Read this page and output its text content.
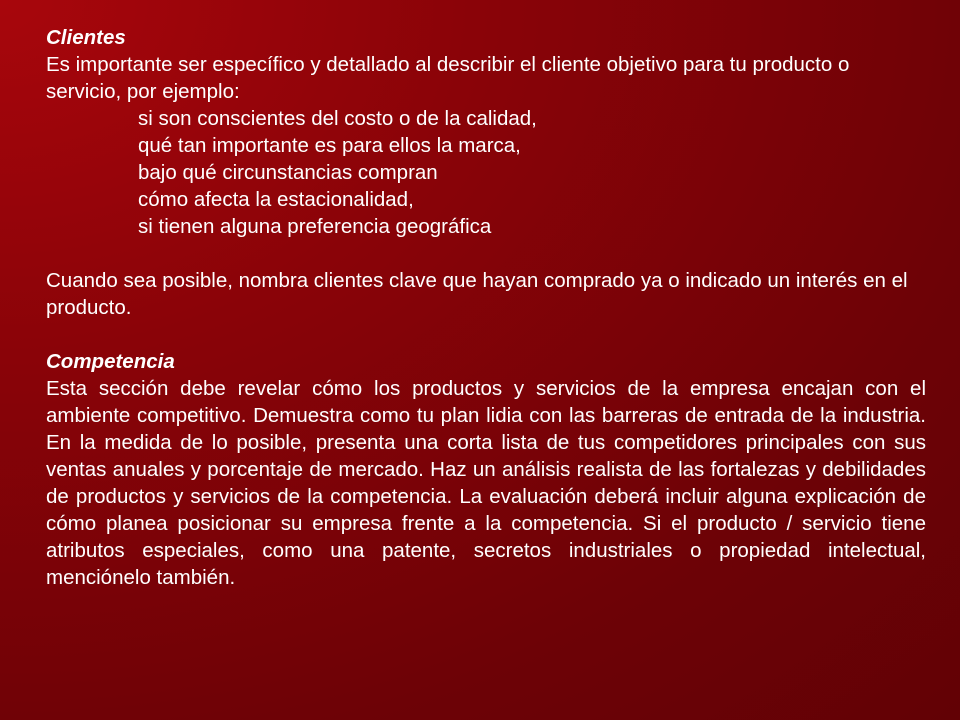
Clientes

Es importante ser específico y detallado al describir el cliente objetivo para tu producto o servicio, por ejemplo:

si son conscientes del costo o de la calidad,

qué tan importante es para ellos la marca,

bajo qué circunstancias compran

cómo afecta la estacionalidad,

si tienen alguna preferencia geográfica

Cuando sea posible, nombra clientes clave que hayan comprado ya o indicado un interés en el producto.

Competencia

Esta sección debe revelar cómo los productos y servicios de la empresa encajan con el ambiente competitivo. Demuestra como tu plan lidia con las barreras de entrada de la industria. En la medida de lo posible, presenta una corta lista de tus competidores principales con sus ventas anuales y porcentaje de mercado. Haz un análisis realista de las fortalezas y debilidades de productos y servicios de la competencia. La evaluación deberá incluir alguna explicación de cómo planea posicionar su empresa frente a la competencia. Si el producto / servicio tiene atributos especiales, como una patente, secretos industriales o propiedad intelectual, menciónelo también.
